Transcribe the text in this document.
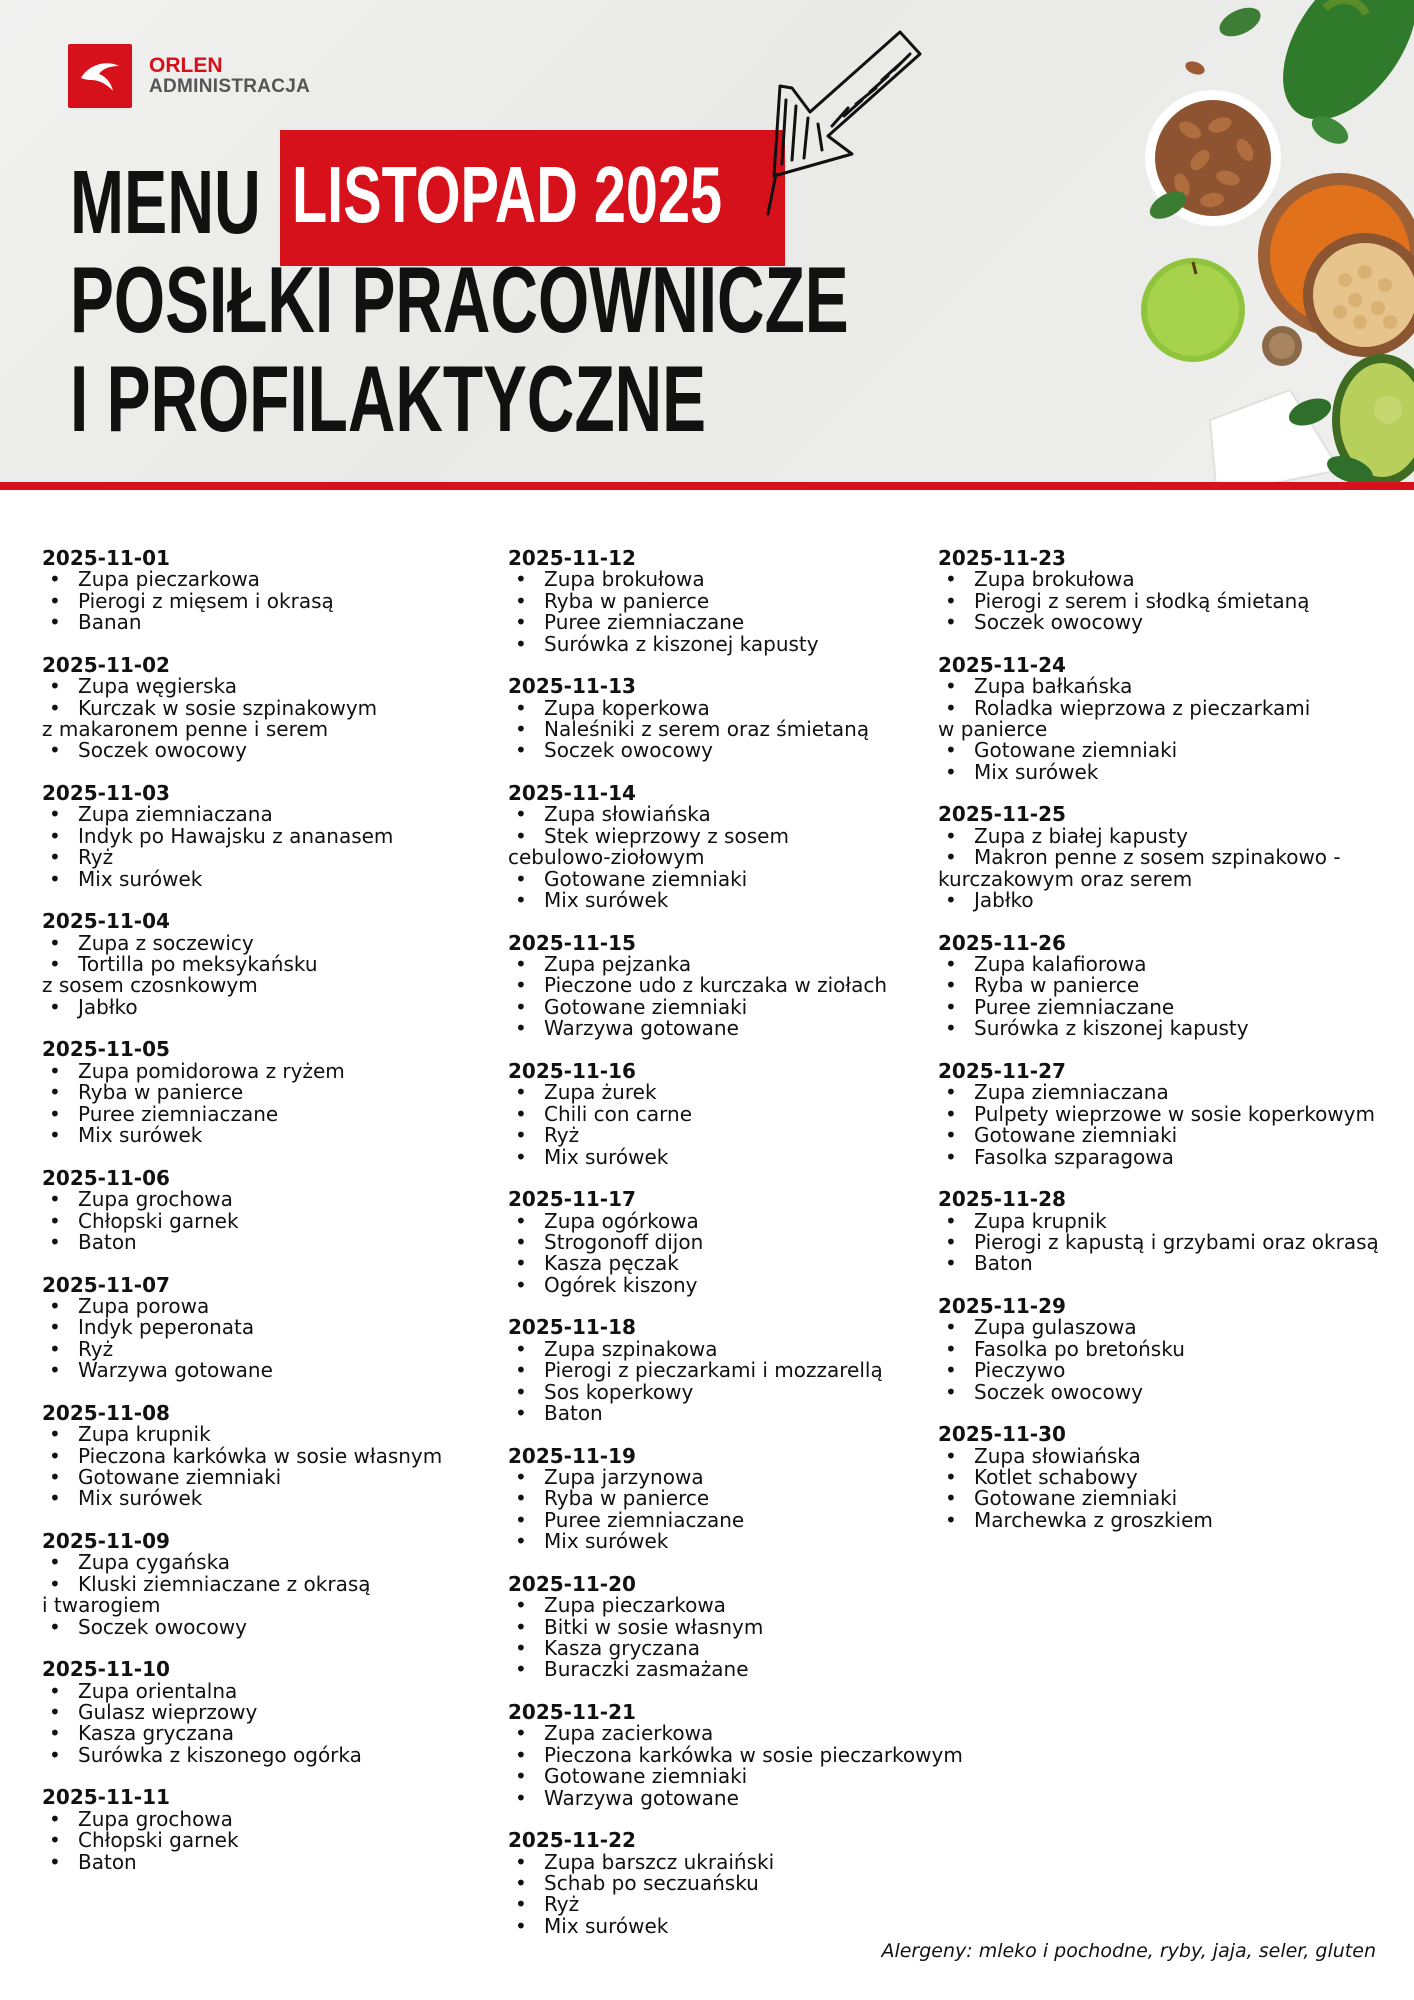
ORLEN
ADMINISTRACJA
MENU LISTOPAD 2025
POSIŁKI PRACOWNICZE
I PROFILAKTYCZNE
2025-11-01
• Zupa pieczarkowa
• Pierogi z mięsem i okrasą
• Banan
2025-11-02
• Zupa węgierska
• Kurczak w sosie szpinakowym
z makaronem penne i serem
• Soczek owocowy
2025-11-03
• Zupa ziemniaczana
• Indyk po Hawajsku z ananasem
• Ryż
• Mix surówek
2025-11-04
• Zupa z soczewicy
• Tortilla po meksykańsku
z sosem czosnkowym
• Jabłko
2025-11-05
• Zupa pomidorowa z ryżem
• Ryba w panierce
• Puree ziemniaczane
• Mix surówek
2025-11-06
• Zupa grochowa
• Chłopski garnek
• Baton
2025-11-07
• Zupa porowa
• Indyk peperonata
• Ryż
• Warzywa gotowane
2025-11-08
• Zupa krupnik
• Pieczona karkówka w sosie własnym
• Gotowane ziemniaki
• Mix surówek
2025-11-09
• Zupa cygańska
• Kluski ziemniaczane z okrasą
i twarogiem
• Soczek owocowy
2025-11-10
• Zupa orientalna
• Gulasz wieprzowy
• Kasza gryczana
• Surówka z kiszonego ogórka
2025-11-11
• Zupa grochowa
• Chłopski garnek
• Baton
2025-11-12
• Zupa brokułowa
• Ryba w panierce
• Puree ziemniaczane
• Surówka z kiszonej kapusty
2025-11-13
• Zupa koperkowa
• Naleśniki z serem oraz śmietaną
• Soczek owocowy
2025-11-14
• Zupa słowiańska
• Stek wieprzowy z sosem
cebulowo-ziołowym
• Gotowane ziemniaki
• Mix surówek
2025-11-15
• Zupa pejzanka
• Pieczone udo z kurczaka w ziołach
• Gotowane ziemniaki
• Warzywa gotowane
2025-11-16
• Zupa żurek
• Chili con carne
• Ryż
• Mix surówek
2025-11-17
• Zupa ogórkowa
• Strogonoff dijon
• Kasza pęczak
• Ogórek kiszony
2025-11-18
• Zupa szpinakowa
• Pierogi z pieczarkami i mozzarellą
• Sos koperkowy
• Baton
2025-11-19
• Zupa jarzynowa
• Ryba w panierce
• Puree ziemniaczane
• Mix surówek
2025-11-20
• Zupa pieczarkowa
• Bitki w sosie własnym
• Kasza gryczana
• Buraczki zasmażane
2025-11-21
• Zupa zacierkowa
• Pieczona karkówka w sosie pieczarkowym
• Gotowane ziemniaki
• Warzywa gotowane
2025-11-22
• Zupa barszcz ukraiński
• Schab po seczuańsku
• Ryż
• Mix surówek
2025-11-23
• Zupa brokułowa
• Pierogi z serem i słodką śmietaną
• Soczek owocowy
2025-11-24
• Zupa bałkańska
• Roladka wieprzowa z pieczarkami
w panierce
• Gotowane ziemniaki
• Mix surówek
2025-11-25
• Zupa z białej kapusty
• Makron penne z sosem szpinakowo -
kurczakowym oraz serem
• Jabłko
2025-11-26
• Zupa kalafiorowa
• Ryba w panierce
• Puree ziemniaczane
• Surówka z kiszonej kapusty
2025-11-27
• Zupa ziemniaczana
• Pulpety wieprzowe w sosie koperkowym
• Gotowane ziemniaki
• Fasolka szparagowa
2025-11-28
• Zupa krupnik
• Pierogi z kapustą i grzybami oraz okrasą
• Baton
2025-11-29
• Zupa gulaszowa
• Fasolka po bretońsku
• Pieczywo
• Soczek owocowy
2025-11-30
• Zupa słowiańska
• Kotlet schabowy
• Gotowane ziemniaki
• Marchewka z groszkiem
Alergeny: mleko i pochodne, ryby, jaja, seler, gluten
